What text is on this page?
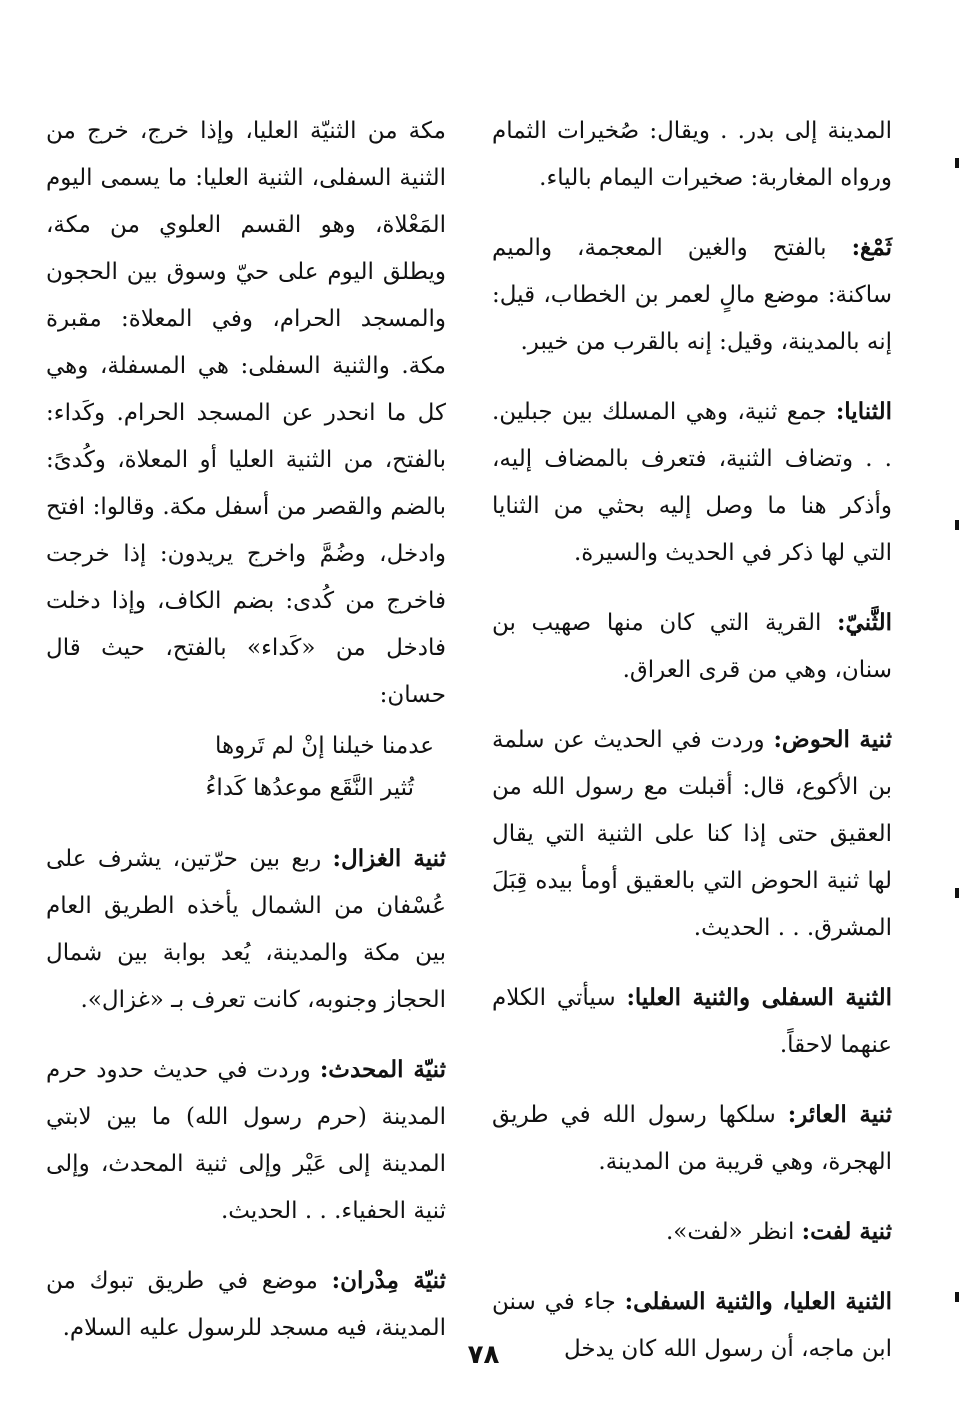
المدينة إلى بدر. . ويقال: صُخيرات الثمام ورواه المغاربة: صخيرات اليمام بالياء.

ثَمْغ: بالفتح والغين المعجمة، والميم ساكنة: موضع مالٍ لعمر بن الخطاب، قيل: إنه بالمدينة، وقيل: إنه بالقرب من خيبر.

الثنايا: جمع ثنية، وهي المسلك بين جبلين. . . وتضاف الثنية، فتعرف بالمضاف إليه، وأذكر هنا ما وصل إليه بحثي من الثنايا التي لها ذكر في الحديث والسيرة.

الثَّنيّ: القرية التي كان منها صهيب بن سنان، وهي من قرى العراق.

ثنية الحوض: وردت في الحديث عن سلمة بن الأكوع، قال: أقبلت مع رسول الله من العقيق حتى إذا كنا على الثنية التي يقال لها ثنية الحوض التي بالعقيق أومأ بيده قِبَلَ المشرق. . . الحديث.

الثنية السفلى والثنية العليا: سيأتي الكلام عنهما لاحقاً.

ثنية العائر: سلكها رسول الله في طريق الهجرة، وهي قريبة من المدينة.

ثنية لفت: انظر «لفت».

الثنية العليا، والثنية السفلى: جاء في سنن ابن ماجه، أن رسول الله كان يدخل

مكة من الثنيّة العليا، وإذا خرج، خرج من الثنية السفلى، الثنية العليا: ما يسمى اليوم المَعْلاة، وهو القسم العلوي من مكة، ويطلق اليوم على حيّ وسوق بين الحجون والمسجد الحرام، وفي المعلاة: مقبرة مكة. والثنية السفلى: هي المسفلة، وهي كل ما انحدر عن المسجد الحرام. وكَداء: بالفتح، من الثنية العليا أو المعلاة، وكُدىً: بالضم والقصر من أسفل مكة. وقالوا: افتح وادخل، وضُمَّ واخرج يريدون: إذا خرجت فاخرج من كُدى: بضم الكاف، وإذا دخلت فادخل من «كَداء» بالفتح، حيث قال حسان:

عدمنا خيلنا إنْ لم تَروها
تُثير النَّقَع موعدُها كَداءُ

ثنية الغزال: ربع بين حرّتين، يشرف على عُسْفان من الشمال يأخذه الطريق العام بين مكة والمدينة، يُعد بوابة بين شمال الحجاز وجنوبه، كانت تعرف بـ «غزال».

ثنيّة المحدث: وردت في حديث حدود حرم المدينة (حرم رسول الله) ما بين لابتي المدينة إلى عَيْر وإلى ثنية المحدث، وإلى ثنية الحفياء. . . الحديث.

ثنيّة مِدْران: موضع في طريق تبوك من المدينة، فيه مسجد للرسول عليه السلام.

٧٨
